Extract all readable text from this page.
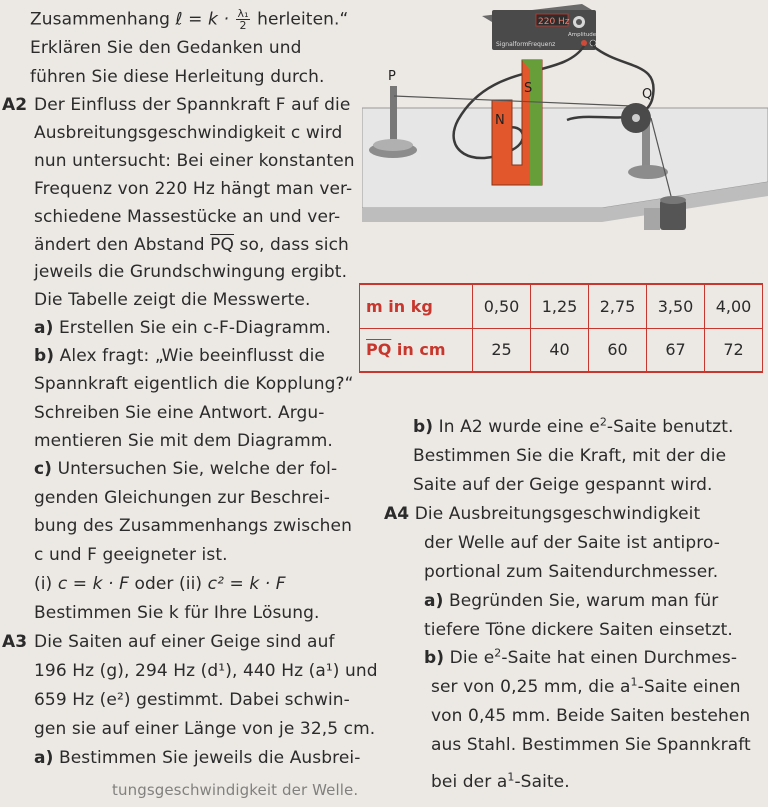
Zusammenhang ℓ = $k \cdot \frac{\text{λ₁}}{2}$ herleiten.“
Erklären Sie den Gedanken und
führen Sie diese Herleitung durch.
A2 Der Einfluss der Spannkraft F auf die
Ausbreitungsgeschwindigkeit c wird
nun untersucht: Bei einer konstanten
Frequenz von 220 Hz hängt man ver-
schiedene Massestücke an und ver-
ändert den Abstand $\overline{PQ}$ so, dass sich
jeweils die Grundschwingung ergibt.
Die Tabelle zeigt die Messwerte.
a) Erstellen Sie ein c-F-Diagramm.
b) Alex fragt: „Wie beeinflusst die
Spannkraft eigentlich die Kopplung?“
Schreiben Sie eine Antwort. Argu-
mentieren Sie mit dem Diagramm.
c) Untersuchen Sie, welche der fol-
genden Gleichungen zur Beschrei-
bung des Zusammenhangs zwischen
c und F geeigneter ist.
(i) c = k · F oder (ii) c² = k · F
Bestimmen Sie k für Ihre Lösung.
A3 Die Saiten auf einer Geige sind auf
196 Hz (g), 294 Hz (d¹), 440 Hz (a¹) und
659 Hz (e²) gestimmt. Dabei schwin-
gen sie auf einer Länge von je 32,5 cm.
a) Bestimmen Sie jeweils die Ausbrei-
tungsgeschwindigkeit der Welle.
b) In A2 wurde eine $e^2$-Saite benutzt.
Bestimmen Sie die Kraft, mit der die
Saite auf der Geige gespannt wird.
A4 Die Ausbreitungsgeschwindigkeit
der Welle auf der Saite ist antipro-
portional zum Saitendurchmesser.
a) Begründen Sie, warum man für
tiefere Töne dickere Saiten einsetzt.
b) Die $e^2$-Saite hat einen Durchmes-
ser von 0,25 mm, die $a^1$-Saite einen
von 0,45 mm. Beide Saiten bestehen
aus Stahl. Bestimmen Sie Spannkraft
bei der $a^1$-Saite.
m in kg	0,50	1,25	2,75	3,50	4,00
$\overline{PQ}$ in cm	25	40	60	67	72
220 Hz
Signalform Frequenz
Amplitude
P
S
N
Q
